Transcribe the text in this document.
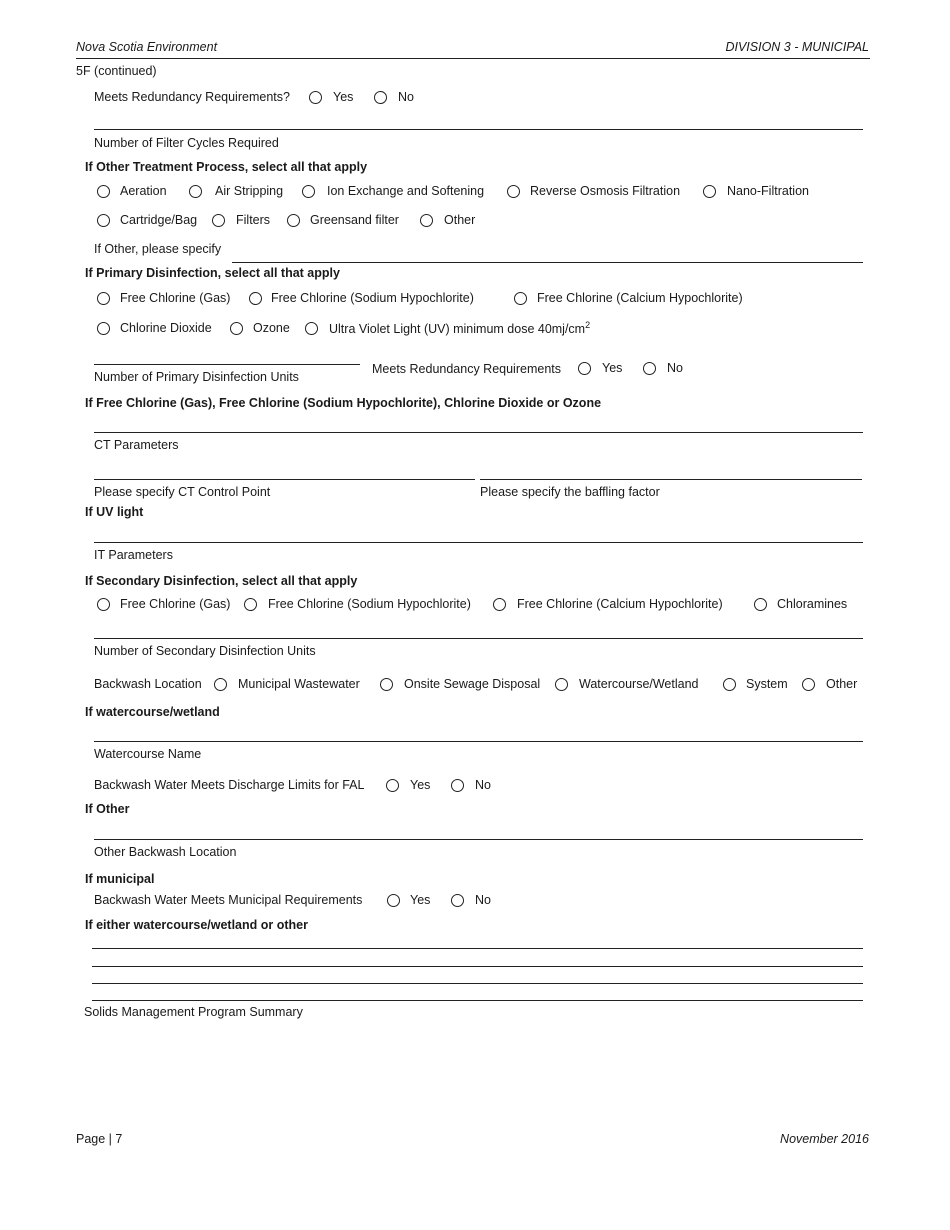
Nova Scotia Environment	DIVISION 3 - MUNICIPAL
5F (continued)
Meets Redundancy Requirements?	Yes	No
Number of Filter Cycles Required
If Other Treatment Process, select all that apply
Aeration	Air Stripping	Ion Exchange and Softening	Reverse Osmosis Filtration	Nano-Filtration
Cartridge/Bag	Filters	Greensand filter	Other
If Other, please specify
If Primary Disinfection, select all that apply
Free Chlorine (Gas)	Free Chlorine (Sodium Hypochlorite)	Free Chlorine (Calcium Hypochlorite)
Chlorine Dioxide	Ozone	Ultra Violet Light (UV) minimum dose $40mj/cm^2$
Number of Primary Disinfection Units
Meets Redundancy Requirements	Yes	No
If Free Chlorine (Gas), Free Chlorine (Sodium Hypochlorite), Chlorine Dioxide or Ozone
CT Parameters
Please specify CT Control Point	Please specify the baffling factor
If UV light
IT Parameters
If Secondary Disinfection, select all that apply
Free Chlorine (Gas)	Free Chlorine (Sodium Hypochlorite)	Free Chlorine (Calcium Hypochlorite)	Chloramines
Number of Secondary Disinfection Units
Backwash Location	Municipal Wastewater	Onsite Sewage Disposal	Watercourse/Wetland	System	Other
If watercourse/wetland
Watercourse Name
Backwash Water Meets Discharge Limits for FAL	Yes	No
If Other
Other Backwash Location
If municipal
Backwash Water Meets Municipal Requirements	Yes	No
If either watercourse/wetland or other
Solids Management Program Summary
Page | 7	November 2016
